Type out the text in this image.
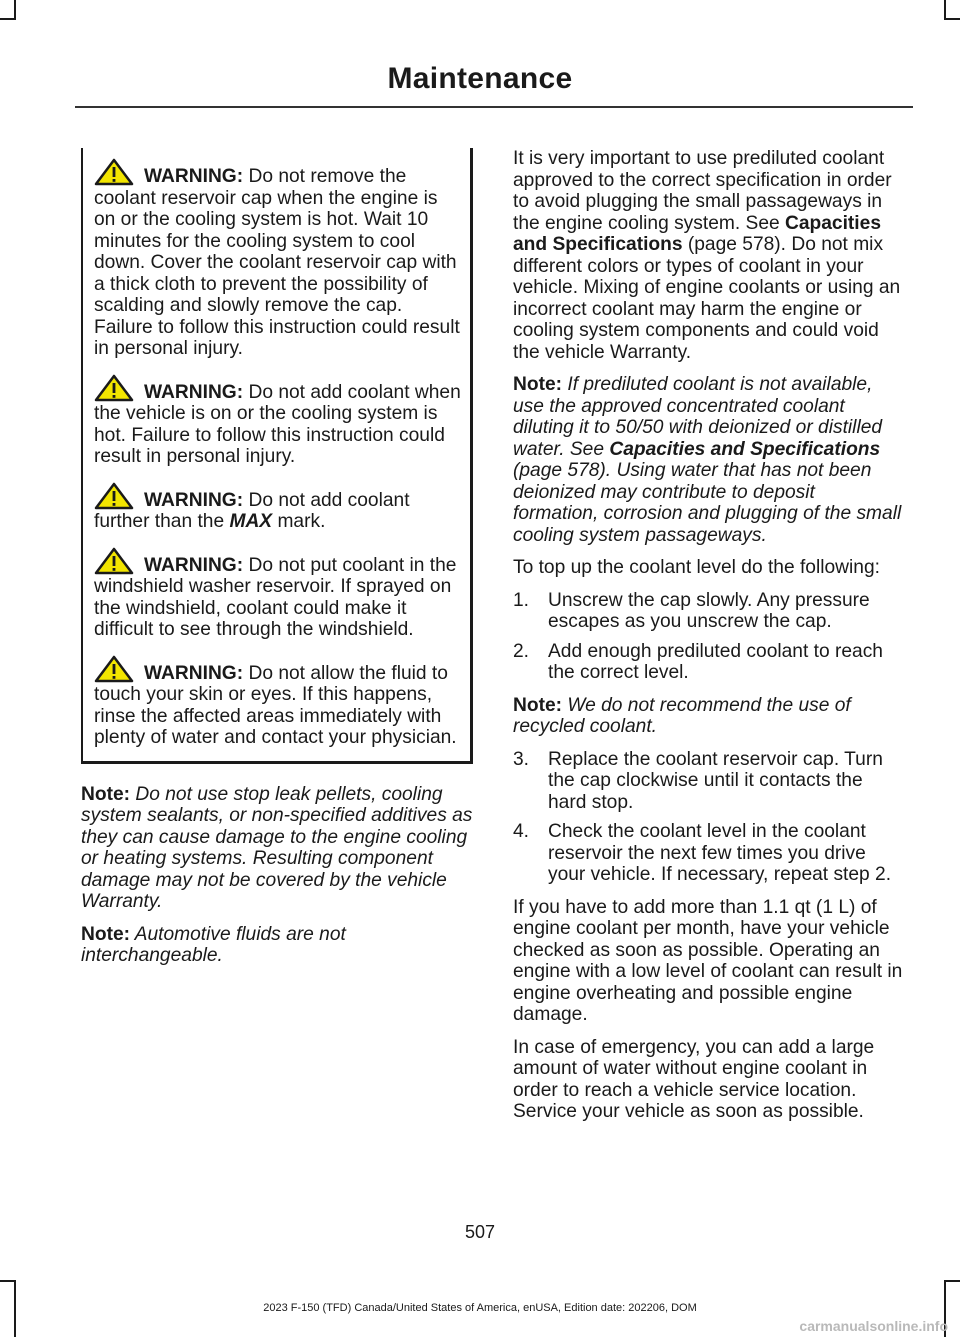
Maintenance

WARNING: Do not remove the coolant reservoir cap when the engine is on or the cooling system is hot. Wait 10 minutes for the cooling system to cool down. Cover the coolant reservoir cap with a thick cloth to prevent the possibility of scalding and slowly remove the cap. Failure to follow this instruction could result in personal injury.

WARNING: Do not add coolant when the vehicle is on or the cooling system is hot. Failure to follow this instruction could result in personal injury.

WARNING: Do not add coolant further than the MAX mark.

WARNING: Do not put coolant in the windshield washer reservoir. If sprayed on the windshield, coolant could make it difficult to see through the windshield.

WARNING: Do not allow the fluid to touch your skin or eyes. If this happens, rinse the affected areas immediately with plenty of water and contact your physician.

Note: Do not use stop leak pellets, cooling system sealants, or non-specified additives as they can cause damage to the engine cooling or heating systems. Resulting component damage may not be covered by the vehicle Warranty.

Note: Automotive fluids are not interchangeable.

It is very important to use prediluted coolant approved to the correct specification in order to avoid plugging the small passageways in the engine cooling system. See Capacities and Specifications (page 578). Do not mix different colors or types of coolant in your vehicle. Mixing of engine coolants or using an incorrect coolant may harm the engine or cooling system components and could void the vehicle Warranty.

Note: If prediluted coolant is not available, use the approved concentrated coolant diluting it to 50/50 with deionized or distilled water. See Capacities and Specifications (page 578). Using water that has not been deionized may contribute to deposit formation, corrosion and plugging of the small cooling system passageways.

To top up the coolant level do the following:

1. Unscrew the cap slowly. Any pressure escapes as you unscrew the cap.
2. Add enough prediluted coolant to reach the correct level.

Note: We do not recommend the use of recycled coolant.

3. Replace the coolant reservoir cap. Turn the cap clockwise until it contacts the hard stop.
4. Check the coolant level in the coolant reservoir the next few times you drive your vehicle. If necessary, repeat step 2.

If you have to add more than 1.1 qt (1 L) of engine coolant per month, have your vehicle checked as soon as possible. Operating an engine with a low level of coolant can result in engine overheating and possible engine damage.

In case of emergency, you can add a large amount of water without engine coolant in order to reach a vehicle service location. Service your vehicle as soon as possible.

507
2023 F-150 (TFD) Canada/United States of America, enUSA, Edition date: 202206, DOM
carmanualsonline.info
